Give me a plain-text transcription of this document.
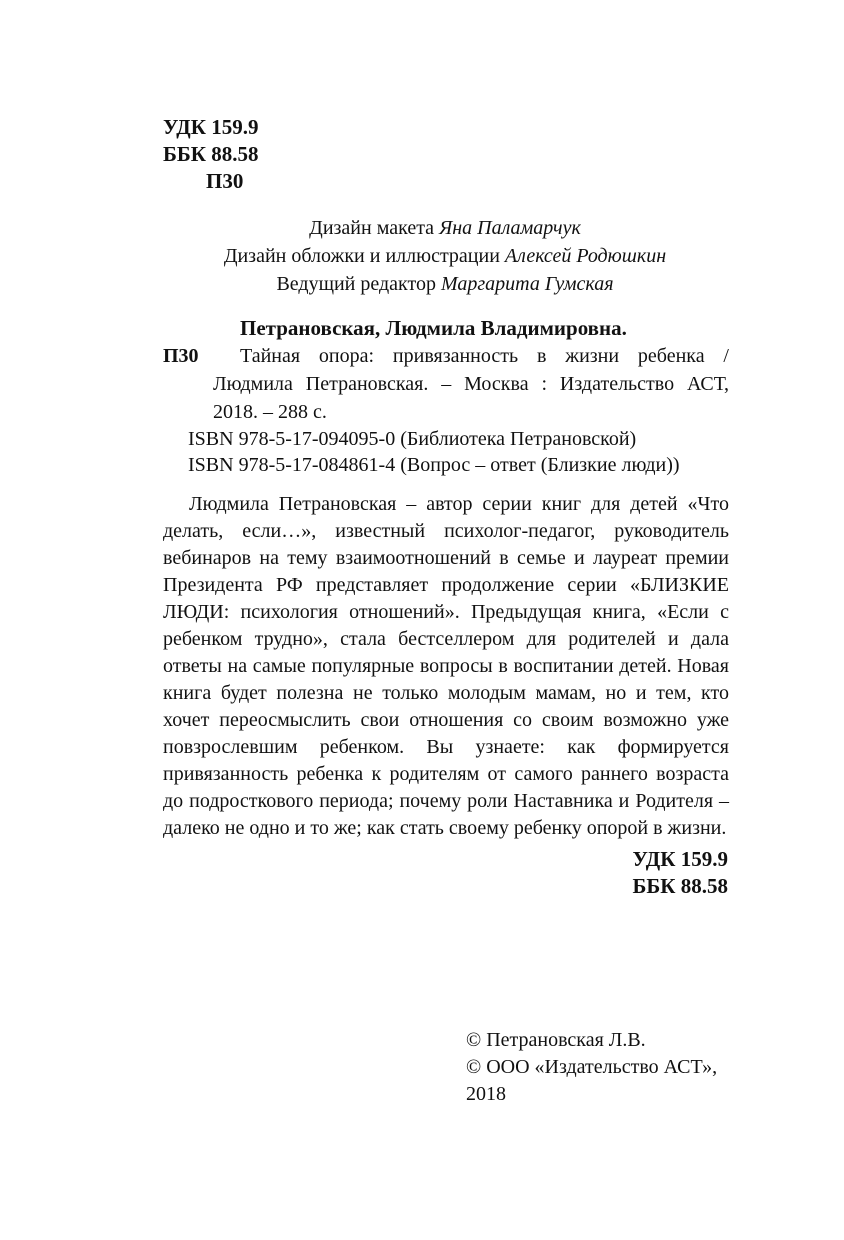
УДК 159.9
ББК 88.58
П30
Дизайн макета Яна Паламарчук
Дизайн обложки и иллюстрации Алексей Родюшкин
Ведущий редактор Маргарита Гумская
Петрановская, Людмила Владимировна.
П30	Тайная опора: привязанность в жизни ребенка / Людмила Петрановская. – Москва : Издательство АСТ, 2018. – 288 с.

ISBN 978-5-17-094095-0 (Библиотека Петрановской)
ISBN 978-5-17-084861-4 (Вопрос – ответ (Близкие люди))

Людмила Петрановская – автор серии книг для детей «Что делать, если…», известный психолог-педагог, руководитель вебинаров на тему взаимоотношений в семье и лауреат премии Президента РФ представляет продолжение серии «БЛИЗКИЕ ЛЮДИ: психология отношений». Предыдущая книга, «Если с ребенком трудно», стала бестселлером для родителей и дала ответы на самые популярные вопросы в воспитании детей. Новая книга будет полезна не только молодым мамам, но и тем, кто хочет переосмыслить свои отношения со своим возможно уже повзрослевшим ребенком. Вы узнаете: как формируется привязанность ребенка к родителям от самого раннего возраста до подросткового периода; почему роли Наставника и Родителя – далеко не одно и то же; как стать своему ребенку опорой в жизни.

УДК 159.9
ББК 88.58
© Петрановская Л.В.
© ООО «Издательство АСТ»,
2018
